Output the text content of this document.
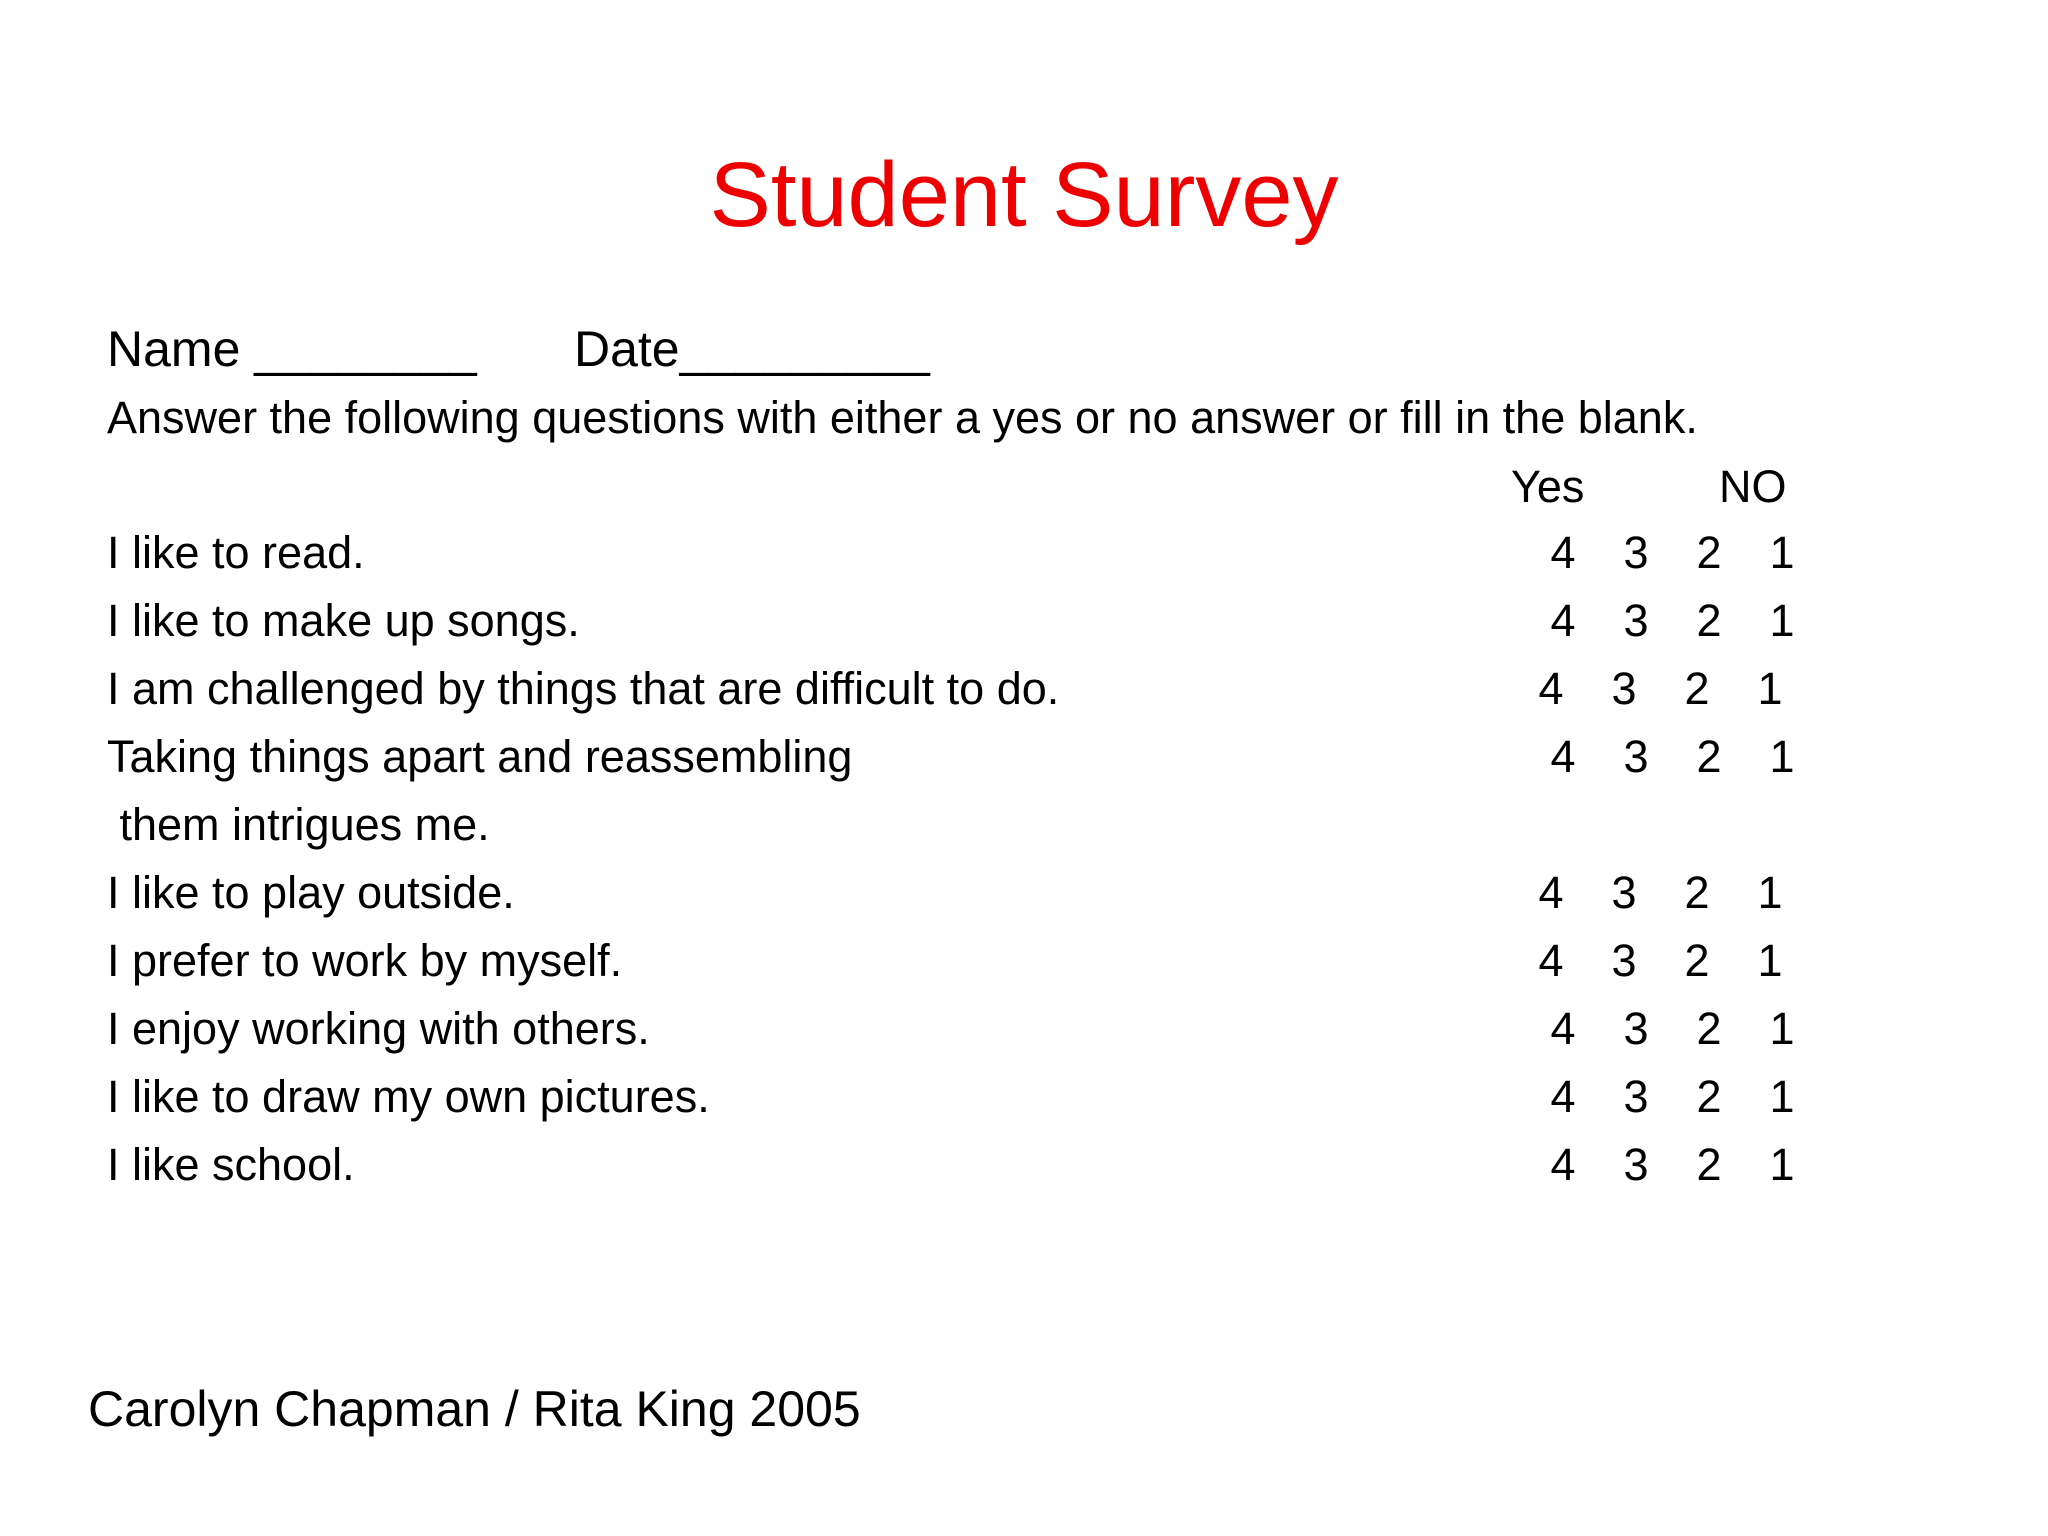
Student Survey
Name ________       Date_________
Answer the following questions with either a yes or no answer or fill in the blank.
Yes	NO
I like to read.	4 3 2 1
I like to make up songs.	4 3 2 1
I am challenged by things that are difficult to do.	4 3 2 1
Taking things apart and reassembling	4 3 2 1
them intrigues me.
I like to play outside.	4 3 2 1
I prefer to work by myself.	4 3 2 1
I enjoy working with others.	4 3 2 1
I like to draw my own pictures.	4 3 2 1
I like school.	4 3 2 1
Carolyn Chapman / Rita King 2005
